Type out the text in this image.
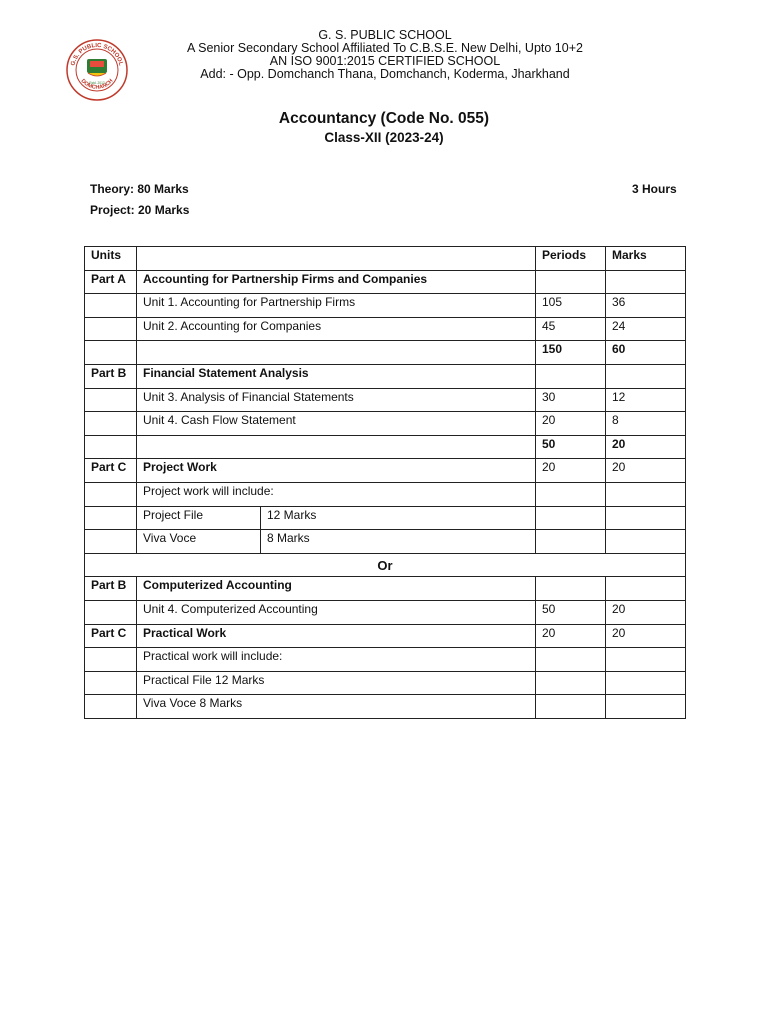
G.S. PUBLIC SCHOOL
DOMCHANCH
Estd. 2012
G. S. PUBLIC SCHOOL
A Senior Secondary School Affiliated To C.B.S.E. New Delhi, Upto 10+2
AN ISO 9001:2015 CERTIFIED SCHOOL
Add: - Opp. Domchanch Thana, Domchanch, Koderma, Jharkhand
Accountancy (Code No. 055)
Class-XII (2023-24)
Theory: 80 Marks	3 Hours
Project: 20 Marks
Units		Periods	Marks
Part A	Accounting for Partnership Firms and Companies		
	Unit 1. Accounting for Partnership Firms	105	36
	Unit 2. Accounting for Companies	45	24
		150	60
Part B	Financial Statement Analysis		
	Unit 3. Analysis of Financial Statements	30	12
	Unit 4. Cash Flow Statement	20	8
		50	20
Part C	Project Work	20	20
	Project work will include:		

	Project File 12 Marks		

	Viva Voce 8 Marks		

Or			
Part B	Computerized Accounting		
	Unit 4. Computerized Accounting	50	20
Part C	Practical Work	20	20
	Practical work will include:		
	Practical File 12 Marks		
	Viva Voce 8 Marks		
